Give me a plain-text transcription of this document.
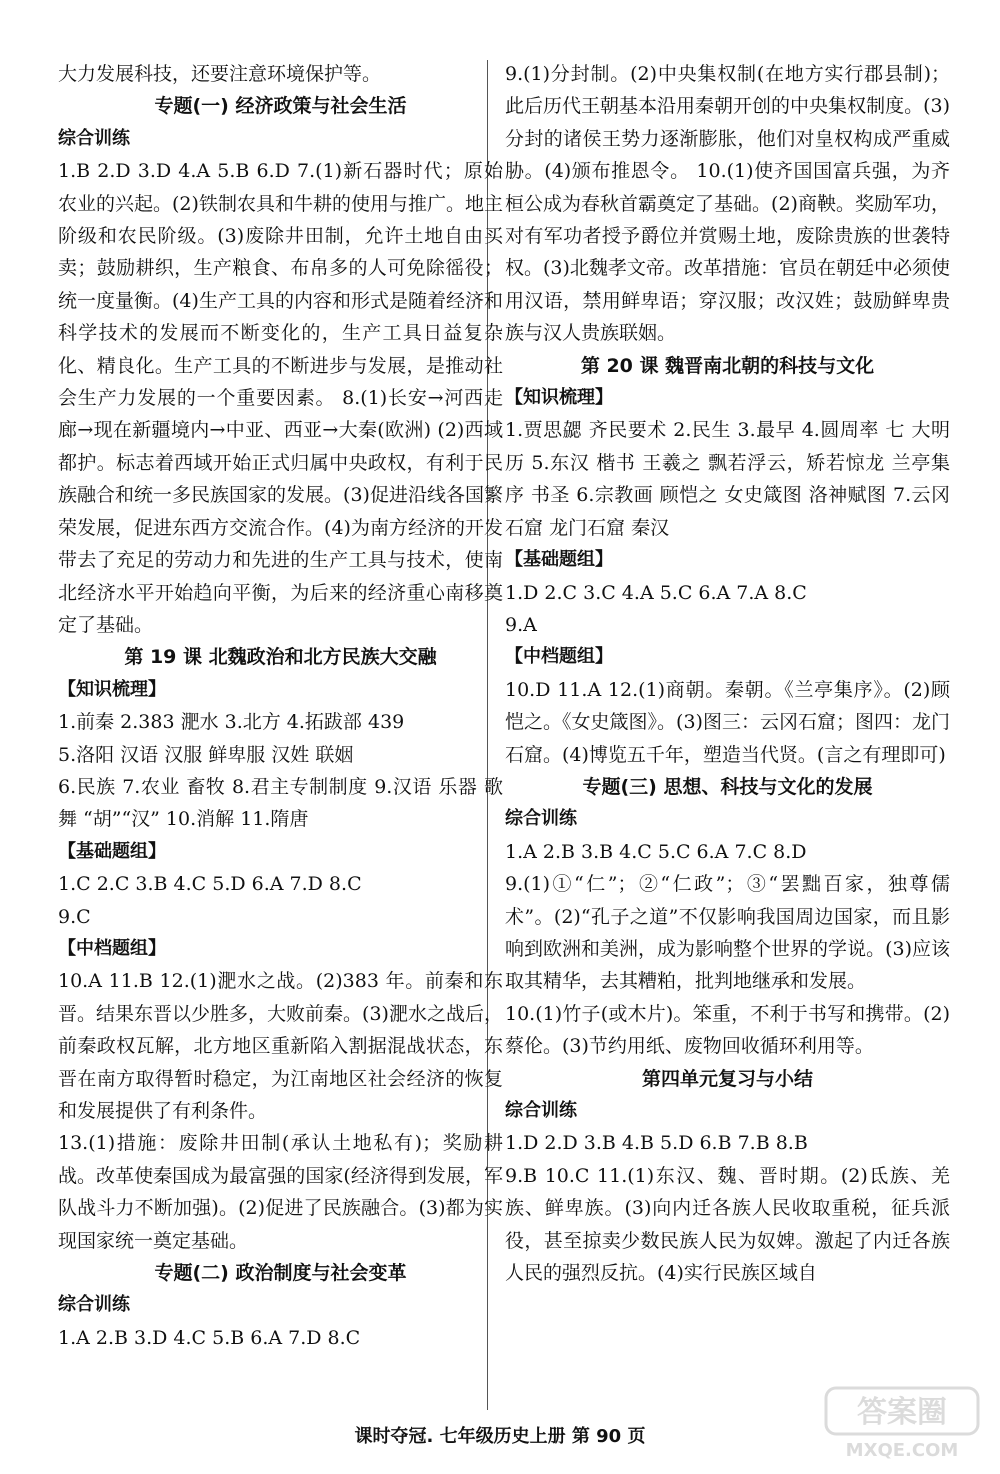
大力发展科技，还要注意环境保护等。
专题(一) 经济政策与社会生活
综合训练
1.B 2.D 3.D 4.A 5.B 6.D 7.(1)新石器时代；原始农业的兴起。(2)铁制农具和牛耕的使用与推广。地主阶级和农民阶级。(3)废除井田制，允许土地自由买卖；鼓励耕织，生产粮食、布帛多的人可免除徭役；统一度量衡。(4)生产工具的内容和形式是随着经济和科学技术的发展而不断变化的，生产工具日益复杂化、精良化。生产工具的不断进步与发展，是推动社会生产力发展的一个重要因素。 8.(1)长安→河西走廊→现在新疆境内→中亚、西亚→大秦(欧洲) (2)西域都护。标志着西域开始正式归属中央政权，有利于民族融合和统一多民族国家的发展。(3)促进沿线各国繁荣发展，促进东西方交流合作。(4)为南方经济的开发带去了充足的劳动力和先进的生产工具与技术，使南北经济水平开始趋向平衡，为后来的经济重心南移奠定了基础。
第 19 课 北魏政治和北方民族大交融
【知识梳理】

1.前秦 2.383 淝水 3.北方 4.拓跋部 439

5.洛阳 汉语 汉服 鲜卑服 汉姓 联姻

6.民族 7.农业 畜牧 8.君主专制制度 9.汉语 乐器 歌舞 “胡”“汉” 10.消解 11.隋唐

【基础题组】

1.C 2.C 3.B 4.C 5.D 6.A 7.D 8.C

9.C

【中档题组】
10.A 11.B 12.(1)淝水之战。(2)383 年。前秦和东晋。结果东晋以少胜多，大败前秦。(3)淝水之战后，前秦政权瓦解，北方地区重新陷入割据混战状态，东晋在南方取得暂时稳定，为江南地区社会经济的恢复和发展提供了有利条件。
13.(1)措施：废除井田制(承认土地私有)；奖励耕战。改革使秦国成为最富强的国家(经济得到发展，军队战斗力不断加强)。(2)促进了民族融合。(3)都为实现国家统一奠定基础。
专题(二) 政治制度与社会变革
综合训练
1.A 2.B 3.D 4.C 5.B 6.A 7.D 8.C
9.(1)分封制。(2)中央集权制(在地方实行郡县制)；此后历代王朝基本沿用秦朝开创的中央集权制度。(3)分封的诸侯王势力逐渐膨胀，他们对皇权构成严重威胁。(4)颁布推恩令。 10.(1)使齐国国富兵强，为齐桓公成为春秋首霸奠定了基础。(2)商鞅。奖励军功，对有军功者授予爵位并赏赐土地，废除贵族的世袭特权。(3)北魏孝文帝。改革措施：官员在朝廷中必须使用汉语，禁用鲜卑语；穿汉服；改汉姓；鼓励鲜卑贵族与汉人贵族联姻。
第 20 课 魏晋南北朝的科技与文化
【知识梳理】
1.贾思勰 齐民要术 2.民生 3.最早 4.圆周率 七 大明历 5.东汉 楷书 王羲之 飘若浮云，矫若惊龙 兰亭集序 书圣 6.宗教画 顾恺之 女史箴图 洛神赋图 7.云冈石窟 龙门石窟 秦汉
【基础题组】

1.D 2.C 3.C 4.A 5.C 6.A 7.A 8.C

9.A

【中档题组】
10.D 11.A 12.(1)商朝。秦朝。《兰亭集序》。(2)顾恺之。《女史箴图》。(3)图三：云冈石窟；图四：龙门石窟。(4)博览五千年，塑造当代贤。(言之有理即可)
专题(三) 思想、科技与文化的发展
综合训练
1.A 2.B 3.B 4.C 5.C 6.A 7.C 8.D
9.(1)①“仁”；②“仁政”；③“罢黜百家，独尊儒术”。(2)“孔子之道”不仅影响我国周边国家，而且影响到欧洲和美洲，成为影响整个世界的学说。(3)应该取其精华，去其糟粕，批判地继承和发展。
10.(1)竹子(或木片)。笨重，不利于书写和携带。(2)蔡伦。(3)节约用纸、废物回收循环利用等。
第四单元复习与小结
综合训练
1.D 2.D 3.B 4.B 5.D 6.B 7.B 8.B
9.B 10.C 11.(1)东汉、魏、晋时期。(2)氐族、羌族、鲜卑族。(3)向内迁各族人民收取重税，征兵派役，甚至掠卖少数民族人民为奴婢。激起了内迁各族人民的强烈反抗。(4)实行民族区域自
课时夺冠. 七年级历史上册 第 90 页
答案圈
MXQE.COM
